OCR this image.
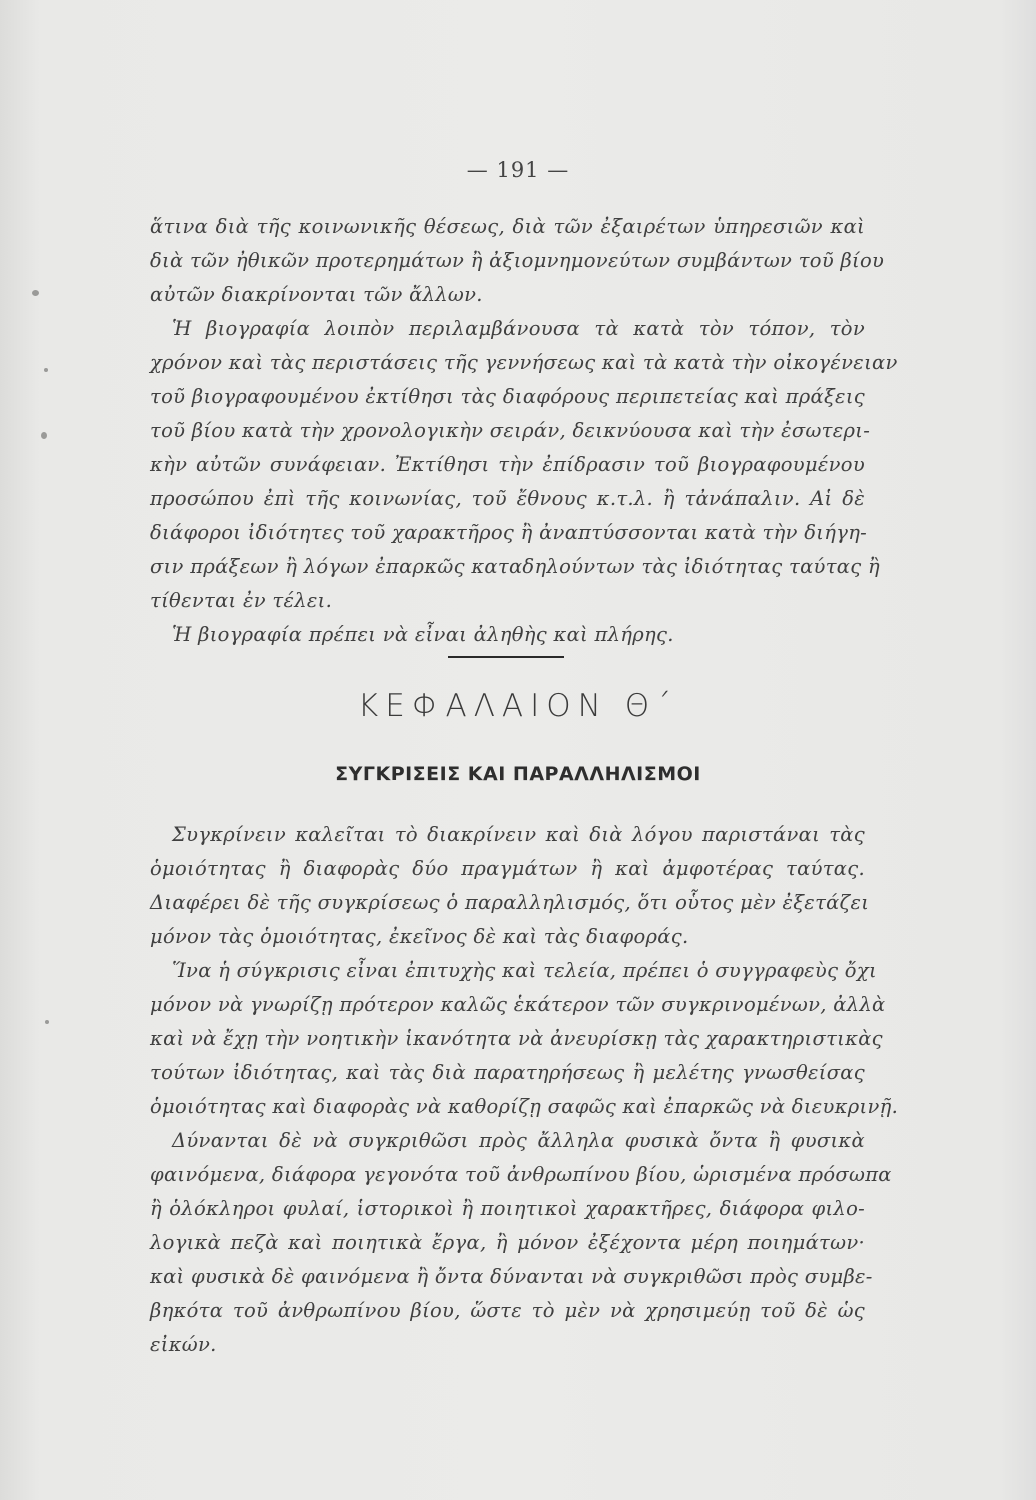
— 191 —
ἅτινα διὰ τῆς κοινωνικῆς θέσεως, διὰ τῶν ἐξαιρέτων ὑπηρεσιῶν καὶ
διὰ τῶν ἠθικῶν προτερημάτων ἢ ἀξιομνημονεύτων συμβάντων τοῦ βίου
αὐτῶν διακρίνονται τῶν ἄλλων.
Ἡ βιογραφία λοιπὸν περιλαμβάνουσα τὰ κατὰ τὸν τόπον, τὸν
χρόνον καὶ τὰς περιστάσεις τῆς γεννήσεως καὶ τὰ κατὰ τὴν οἰκογένειαν
τοῦ βιογραφουμένου ἐκτίθησι τὰς διαφόρους περιπετείας καὶ πράξεις
τοῦ βίου κατὰ τὴν χρονολογικὴν σειράν, δεικνύουσα καὶ τὴν ἐσωτερι-
κὴν αὐτῶν συνάφειαν. Ἐκτίθησι τὴν ἐπίδρασιν τοῦ βιογραφουμένου
προσώπου ἐπὶ τῆς κοινωνίας, τοῦ ἔθνους κ.τ.λ. ἢ τἀνάπαλιν. Αἱ δὲ
διάφοροι ἰδιότητες τοῦ χαρακτῆρος ἢ ἀναπτύσσονται κατὰ τὴν διήγη-
σιν πράξεων ἢ λόγων ἐπαρκῶς καταδηλούντων τὰς ἰδιότητας ταύτας ἢ
τίθενται ἐν τέλει.
Ἡ βιογραφία πρέπει νὰ εἶναι ἀληθὴς καὶ πλήρης.
ΚΕΦΑΛΑΙΟΝ Θ΄
ΣΥΓΚΡΙΣΕΙΣ ΚΑΙ ΠΑΡΑΛΛΗΛΙΣΜΟΙ
Συγκρίνειν καλεῖται τὸ διακρίνειν καὶ διὰ λόγου παριστάναι τὰς
ὁμοιότητας ἢ διαφορὰς δύο πραγμάτων ἢ καὶ ἀμφοτέρας ταύτας.
Διαφέρει δὲ τῆς συγκρίσεως ὁ παραλληλισμός, ὅτι οὗτος μὲν ἐξετάζει
μόνον τὰς ὁμοιότητας, ἐκεῖνος δὲ καὶ τὰς διαφοράς.
Ἵνα ἡ σύγκρισις εἶναι ἐπιτυχὴς καὶ τελεία, πρέπει ὁ συγγραφεὺς ὄχι
μόνον νὰ γνωρίζῃ πρότερον καλῶς ἑκάτερον τῶν συγκρινομένων, ἀλλὰ
καὶ νὰ ἔχῃ τὴν νοητικὴν ἱκανότητα νὰ ἀνευρίσκῃ τὰς χαρακτηριστικὰς
τούτων ἰδιότητας, καὶ τὰς διὰ παρατηρήσεως ἢ μελέτης γνωσθείσας
ὁμοιότητας καὶ διαφορὰς νὰ καθορίζῃ σαφῶς καὶ ἐπαρκῶς νὰ διευκρινῇ.
Δύνανται δὲ νὰ συγκριθῶσι πρὸς ἄλληλα φυσικὰ ὄντα ἢ φυσικὰ
φαινόμενα, διάφορα γεγονότα τοῦ ἀνθρωπίνου βίου, ὡρισμένα πρόσωπα
ἢ ὁλόκληροι φυλαί, ἱστορικοὶ ἢ ποιητικοὶ χαρακτῆρες, διάφορα φιλο-
λογικὰ πεζὰ καὶ ποιητικὰ ἔργα, ἢ μόνον ἐξέχοντα μέρη ποιημάτων·
καὶ φυσικὰ δὲ φαινόμενα ἢ ὄντα δύνανται νὰ συγκριθῶσι πρὸς συμβε-
βηκότα τοῦ ἀνθρωπίνου βίου, ὥστε τὸ μὲν νὰ χρησιμεύῃ τοῦ δὲ ὡς
εἰκών.
